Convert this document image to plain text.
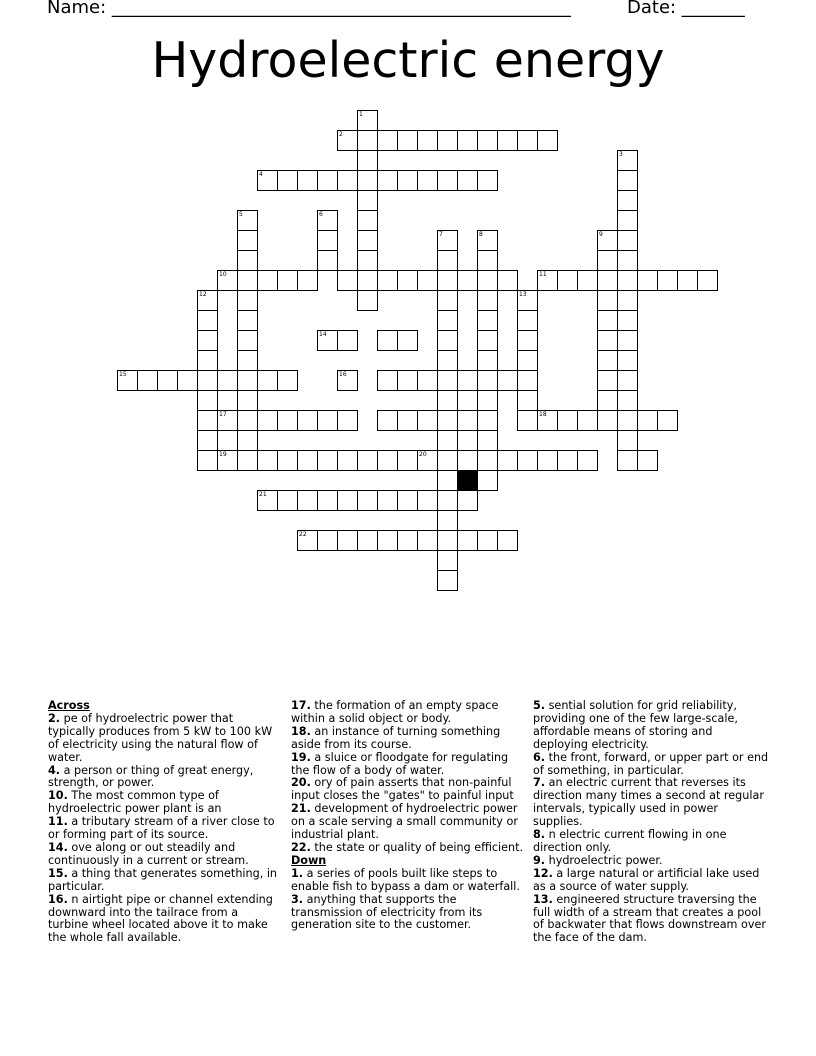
Name: ___________________________________________________	Date: _______
Hydroelectric energy
1
2
3
4
5	6
7	8	9
10	11
12	13
14
15	16
17	18
19	20
21
22

Across

2. pe of hydroelectric power that typically produces from 5 kW to 100 kW of electricity using the natural flow of water.

4. a person or thing of great energy, strength, or power.

10. The most common type of hydroelectric power plant is an

11. a tributary stream of a river close to or forming part of its source.

14. ove along or out steadily and continuously in a current or stream.

15. a thing that generates something, in particular.

16. n airtight pipe or channel extending downward into the tailrace from a turbine wheel located above it to make the whole fall available.

17. the formation of an empty space within a solid object or body.

18. an instance of turning something aside from its course.

19. a sluice or floodgate for regulating the flow of a body of water.

20. ory of pain asserts that non-painful input closes the "gates" to painful input

21. development of hydroelectric power on a scale serving a small community or industrial plant.

22. the state or quality of being efficient.

Down

1. a series of pools built like steps to enable fish to bypass a dam or waterfall.

3. anything that supports the transmission of electricity from its generation site to the customer.

5. sential solution for grid reliability, providing one of the few large-scale, affordable means of storing and deploying electricity.

6. the front, forward, or upper part or end of something, in particular.

7. an electric current that reverses its direction many times a second at regular intervals, typically used in power supplies.

8. n electric current flowing in one direction only.

9. hydroelectric power.

12. a large natural or artificial lake used as a source of water supply.

13. engineered structure traversing the full width of a stream that creates a pool of backwater that flows downstream over the face of the dam.
